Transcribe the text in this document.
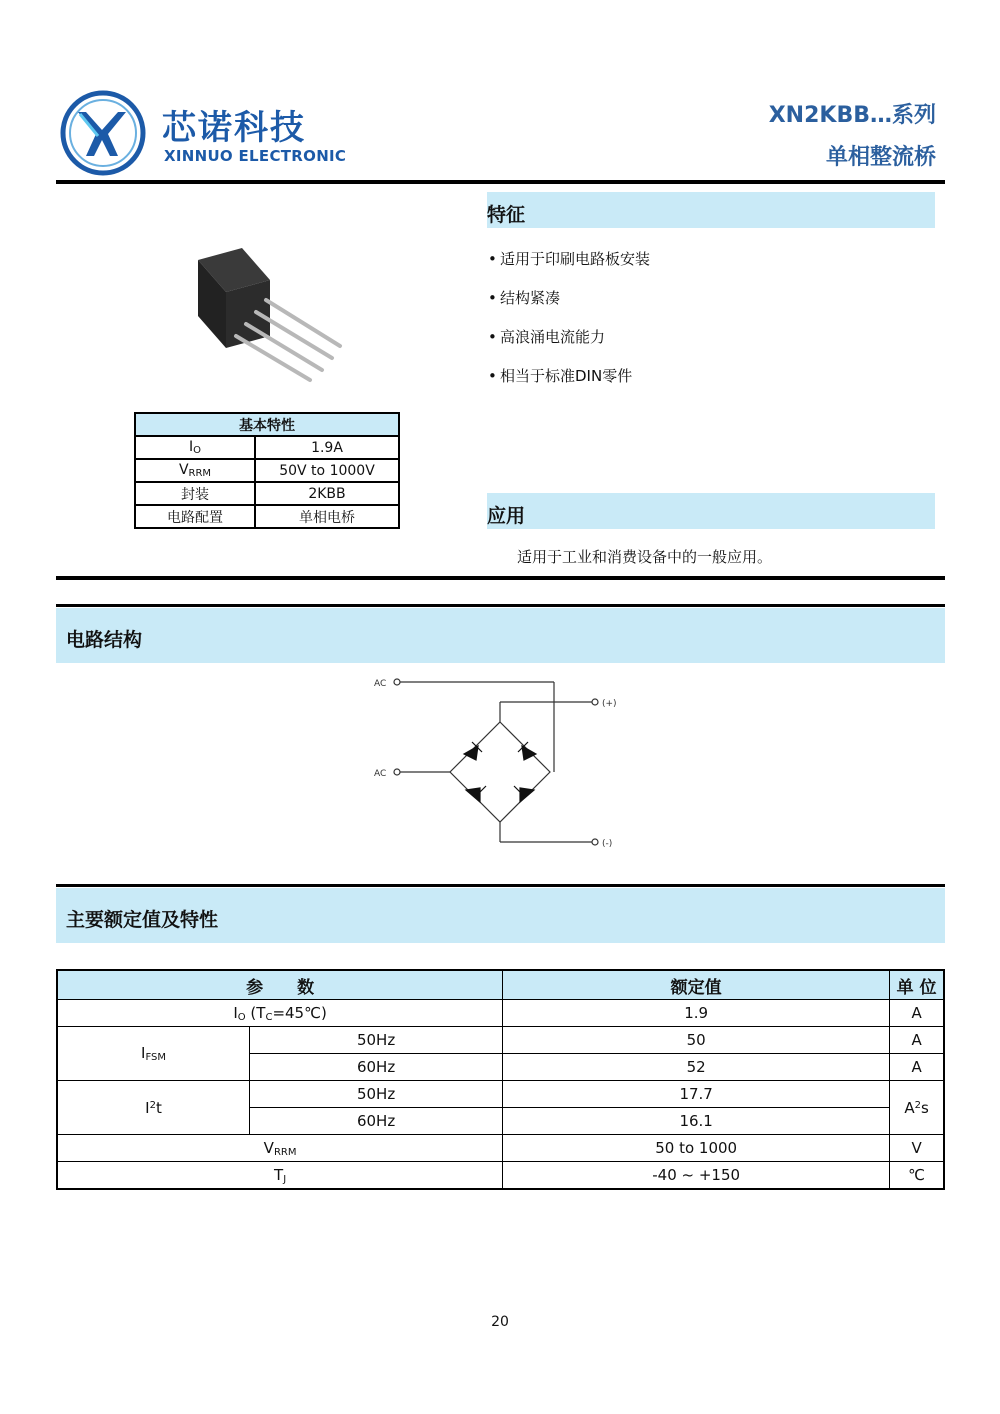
芯诺科技
XINNUO ELECTRONIC
XN2KBB…系列
单相整流桥
基本特性	
$I_O$	1.9A
$V_{RRM}$	50V to 1000V
封装	2KBB
电路配置	单相电桥
特征
• 适用于印刷电路板安装
• 结构紧凑
• 高浪涌电流能力
• 相当于标准DIN零件
应用
适用于工业和消费设备中的一般应用。
电路结构
AC
AC
(+)
(-)
主要额定值及特性
参　　数		额定值	单 位
$I_O$ $(T_C=45℃)$		1.9	A
$I_{FSM}$	50Hz	50	A
	60Hz	52	A
$I^2t$	50Hz	17.7	$A^2s$
	60Hz	16.1	
$V_{RRM}$		50 to 1000	V
$T_J$		-40 ~ +150	℃
20
